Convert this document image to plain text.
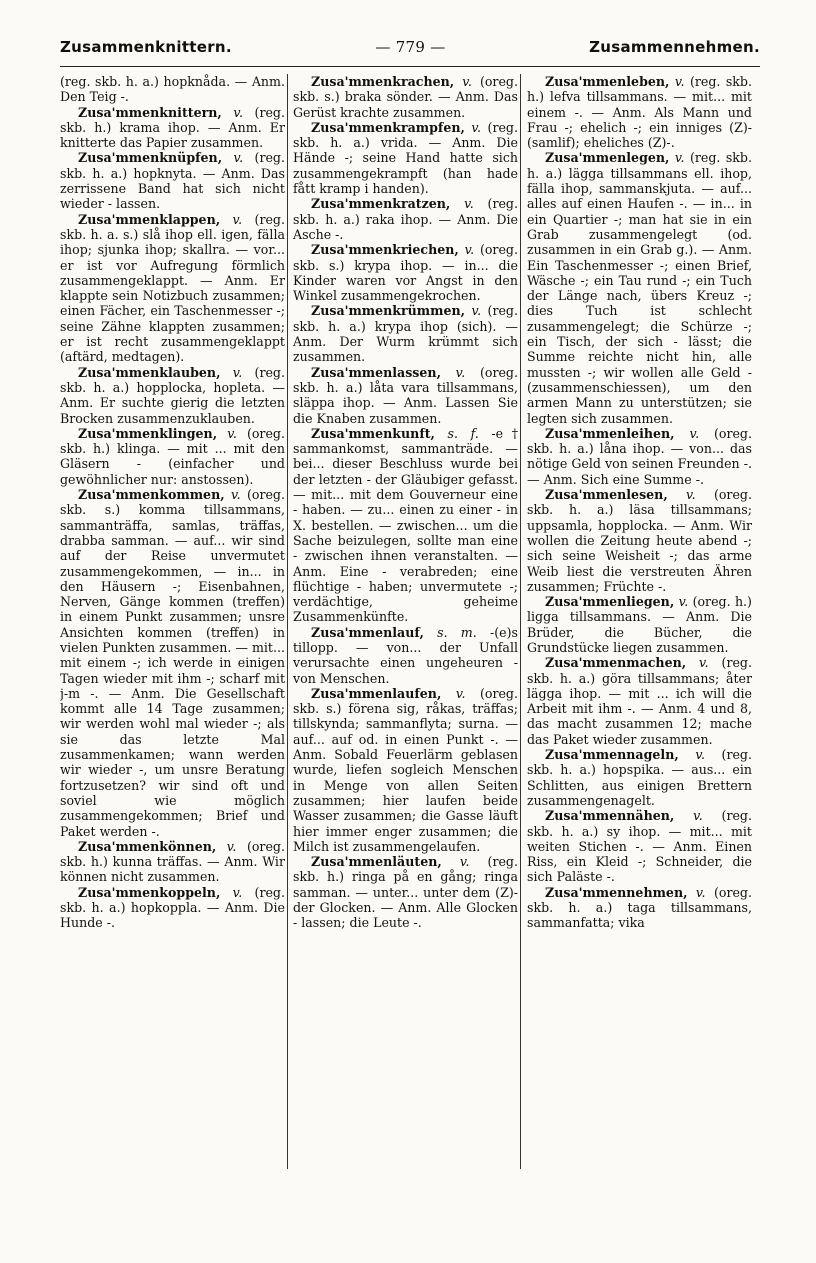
Zusammenknittern.	— 779 —	Zusammennehmen.

(reg. skb. h. a.) hopknåda. — Anm. Den Teig -.

Zusa'mmenknittern, v. (reg. skb. h.) krama ihop. — Anm. Er knitterte das Papier zusammen.

Zusa'mmenknüpfen, v. (reg. skb. h. a.) hopknyta. — Anm. Das zerrissene Band hat sich nicht wieder - lassen.

Zusa'mmenklappen, v. (reg. skb. h. a. s.) slå ihop ell. igen, fälla ihop; sjunka ihop; skallra. — vor... er ist vor Aufregung förmlich zusammengeklappt. — Anm. Er klappte sein Notizbuch zusammen; einen Fächer, ein Taschenmesser -; seine Zähne klappten zusammen; er ist recht zusammengeklappt (aftärd, medtagen).

Zusa'mmenklauben, v. (reg. skb. h. a.) hopplocka, hopleta. — Anm. Er suchte gierig die letzten Brocken zusammenzuklauben.

Zusa'mmenklingen, v. (oreg. skb. h.) klinga. — mit ... mit den Gläsern - (einfacher und gewöhnlicher nur: anstossen).

Zusa'mmenkommen, v. (oreg. skb. s.) komma tillsammans, sammanträffa, samlas, träffas, drabba samman. — auf... wir sind auf der Reise unvermutet zusammengekommen, — in... in den Häusern -; Eisenbahnen, Nerven, Gänge kommen (treffen) in einem Punkt zusammen; unsre Ansichten kommen (treffen) in vielen Punkten zusammen. — mit... mit einem -; ich werde in einigen Tagen wieder mit ihm -; scharf mit j-m -. — Anm. Die Gesellschaft kommt alle 14 Tage zusammen; wir werden wohl mal wieder -; als sie das letzte Mal zusammenkamen; wann werden wir wieder -, um unsre Beratung fortzusetzen? wir sind oft und soviel wie möglich zusammengekommen; Brief und Paket werden -.

Zusa'mmenkönnen, v. (oreg. skb. h.) kunna träffas. — Anm. Wir können nicht zusammen.

Zusa'mmenkoppeln, v. (reg. skb. h. a.) hopkoppla. — Anm. Die Hunde -.

Zusa'mmenkrachen, v. (oreg. skb. s.) braka sönder. — Anm. Das Gerüst krachte zusammen.

Zusa'mmenkrampfen, v. (reg. skb. h. a.) vrida. — Anm. Die Hände -; seine Hand hatte sich zusammengekrampft (han hade fått kramp i handen).

Zusa'mmenkratzen, v. (reg. skb. h. a.) raka ihop. — Anm. Die Asche -.

Zusa'mmenkriechen, v. (oreg. skb. s.) krypa ihop. — in... die Kinder waren vor Angst in den Winkel zusammengekrochen.

Zusa'mmenkrümmen, v. (reg. skb. h. a.) krypa ihop (sich). — Anm. Der Wurm krümmt sich zusammen.

Zusa'mmenlassen, v. (oreg. skb. h. a.) låta vara tillsammans, släppa ihop. — Anm. Lassen Sie die Knaben zusammen.

Zusa'mmenkunft, s. f. -e† sammankomst, sammanträde. — bei... dieser Beschluss wurde bei der letzten - der Gläubiger gefasst. — mit... mit dem Gouverneur eine - haben. — zu... einen zu einer - in X. bestellen. — zwischen... um die Sache beizulegen, sollte man eine - zwischen ihnen veranstalten. — Anm. Eine - verabreden; eine flüchtige - haben; unvermutete -; verdächtige, geheime Zusammenkünfte.

Zusa'mmenlauf, s. m. -(e)s tillopp. — von... der Unfall verursachte einen ungeheuren - von Menschen.

Zusa'mmenlaufen, v. (oreg. skb. s.) förena sig, råkas, träffas; tillskynda; sammanflyta; surna. — auf... auf od. in einen Punkt -. — Anm. Sobald Feuerlärm geblasen wurde, liefen sogleich Menschen in Menge von allen Seiten zusammen; hier laufen beide Wasser zusammen; die Gasse läuft hier immer enger zusammen; die Milch ist zusammengelaufen.

Zusa'mmenläuten, v. (reg. skb. h.) ringa på en gång; ringa samman. — unter... unter dem (Z)-der Glocken. — Anm. Alle Glocken - lassen; die Leute -.

Zusa'mmenleben, v. (reg. skb. h.) lefva tillsammans. — mit... mit einem -. — Anm. Als Mann und Frau -; ehelich -; ein inniges (Z)-(samlif); eheliches (Z)-.

Zusa'mmenlegen, v. (reg. skb. h. a.) lägga tillsammans ell. ihop, fälla ihop, sammanskjuta. — auf... alles auf einen Haufen -. — in... in ein Quartier -; man hat sie in ein Grab zusammengelegt (od. zusammen in ein Grab g.). — Anm. Ein Taschenmesser -; einen Brief, Wäsche -; ein Tau rund -; ein Tuch der Länge nach, übers Kreuz -; dies Tuch ist schlecht zusammengelegt; die Schürze -; ein Tisch, der sich - lässt; die Summe reichte nicht hin, alle mussten -; wir wollen alle Geld - (zusammenschiessen), um den armen Mann zu unterstützen; sie legten sich zusammen.

Zusa'mmenleihen, v. (oreg. skb. h. a.) låna ihop. — von... das nötige Geld von seinen Freunden -. — Anm. Sich eine Summe -.

Zusa'mmenlesen, v. (oreg. skb. h. a.) läsa tillsammans; uppsamla, hopplocka. — Anm. Wir wollen die Zeitung heute abend -; sich seine Weisheit -; das arme Weib liest die verstreuten Ähren zusammen; Früchte -.

Zusa'mmenliegen, v. (oreg. h.) ligga tillsammans. — Anm. Die Brüder, die Bücher, die Grundstücke liegen zusammen.

Zusa'mmenmachen, v. (reg. skb. h. a.) göra tillsammans; åter lägga ihop. — mit ... ich will die Arbeit mit ihm -. — Anm. 4 und 8, das macht zusammen 12; mache das Paket wieder zusammen.

Zusa'mmennageln, v. (reg. skb. h. a.) hopspika. — aus... ein Schlitten, aus einigen Brettern zusammengenagelt.

Zusa'mmennähen, v. (reg. skb. h. a.) sy ihop. — mit... mit weiten Stichen -. — Anm. Einen Riss, ein Kleid -; Schneider, die sich Paläste -.

Zusa'mmennehmen, v. (oreg. skb. h. a.) taga tillsammans, sammanfatta; vika
